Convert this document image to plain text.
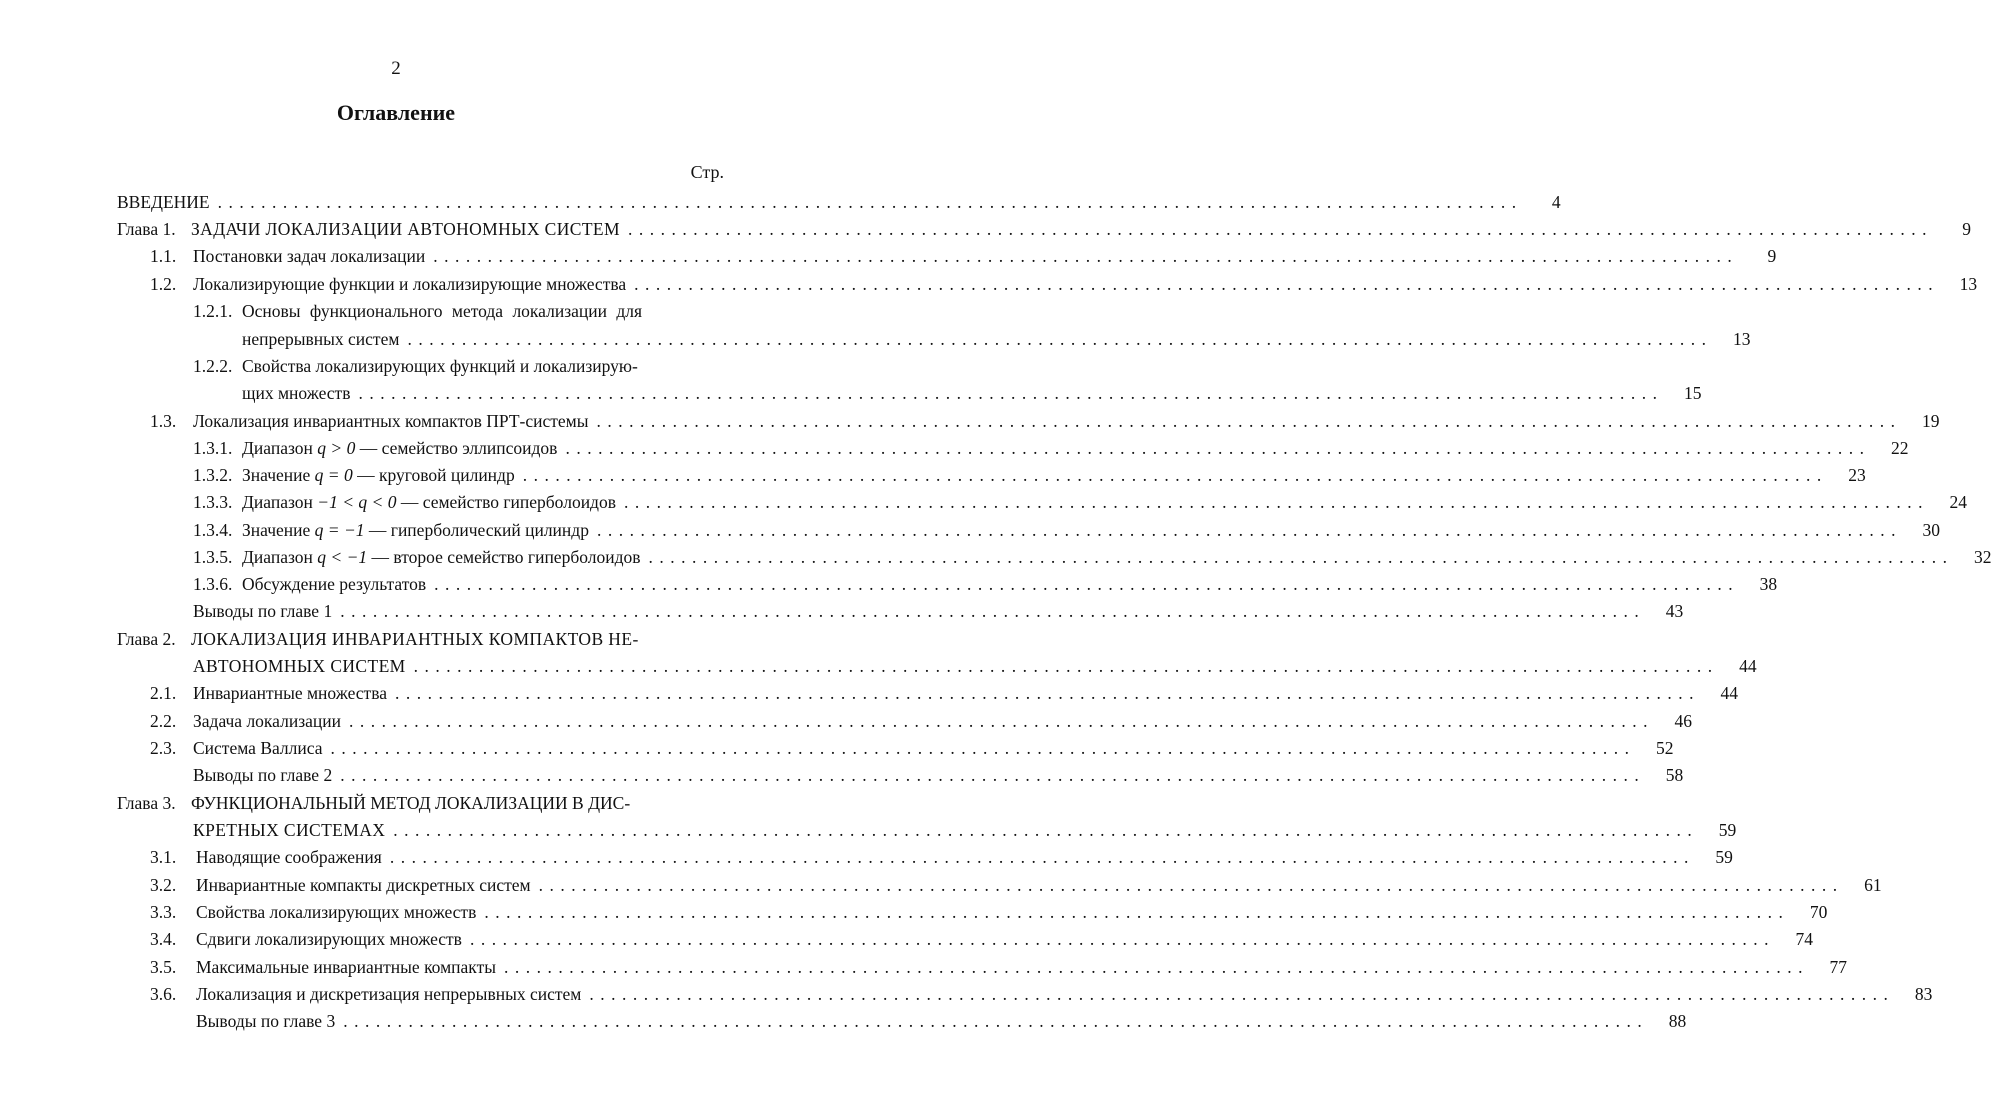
2
Оглавление
Стр.
ВВЕДЕНИЕ ........................................................................................................................	4
Глава 1. ЗАДАЧИ ЛОКАЛИЗАЦИИ АВТОНОМНЫХ СИСТЕМ ........................................................................................................................	9
1.1. Постановки задач локализации ........................................................................................................................	9
1.2. Локализирующие функции и локализирующие множества ........................................................................................................................	13
1.2.1. Основы функционального метода локализации для
непрерывных систем ........................................................................................................................	13
1.2.2. Свойства локализирующих функций и локализирую-
щих множеств ........................................................................................................................	15
1.3. Локализация инвариантных компактов ПРТ-системы ........................................................................................................................	19
1.3.1. Диапазон q > 0 — семейство эллипсоидов ........................................................................................................................	22
1.3.2. Значение q = 0 — круговой цилиндр ........................................................................................................................	23
1.3.3. Диапазон −1 < q < 0 — семейство гиперболоидов ........................................................................................................................	24
1.3.4. Значение q = −1 — гиперболический цилиндр ........................................................................................................................	30
1.3.5. Диапазон q < −1 — второе семейство гиперболоидов ........................................................................................................................	32
1.3.6. Обсуждение результатов ........................................................................................................................	38
Выводы по главе 1 ........................................................................................................................	43
Глава 2. ЛОКАЛИЗАЦИЯ ИНВАРИАНТНЫХ КОМПАКТОВ НЕ-
АВТОНОМНЫХ СИСТЕМ ........................................................................................................................	44
2.1. Инвариантные множества ........................................................................................................................	44
2.2. Задача локализации ........................................................................................................................	46
2.3. Система Валлиса ........................................................................................................................	52
Выводы по главе 2 ........................................................................................................................	58
Глава 3. ФУНКЦИОНАЛЬНЫЙ МЕТОД ЛОКАЛИЗАЦИИ В ДИС-
КРЕТНЫХ СИСТЕМАХ ........................................................................................................................	59
3.1.	Наводящие соображения ........................................................................................................................	59
3.2.	Инвариантные компакты дискретных систем ........................................................................................................................	61
3.3.	Свойства локализирующих множеств ........................................................................................................................	70
3.4.	Сдвиги локализирующих множеств ........................................................................................................................	74
3.5.	Максимальные инвариантные компакты ........................................................................................................................	77
3.6.	Локализация и дискретизация непрерывных систем ........................................................................................................................	83
Выводы по главе 3 ........................................................................................................................	88
